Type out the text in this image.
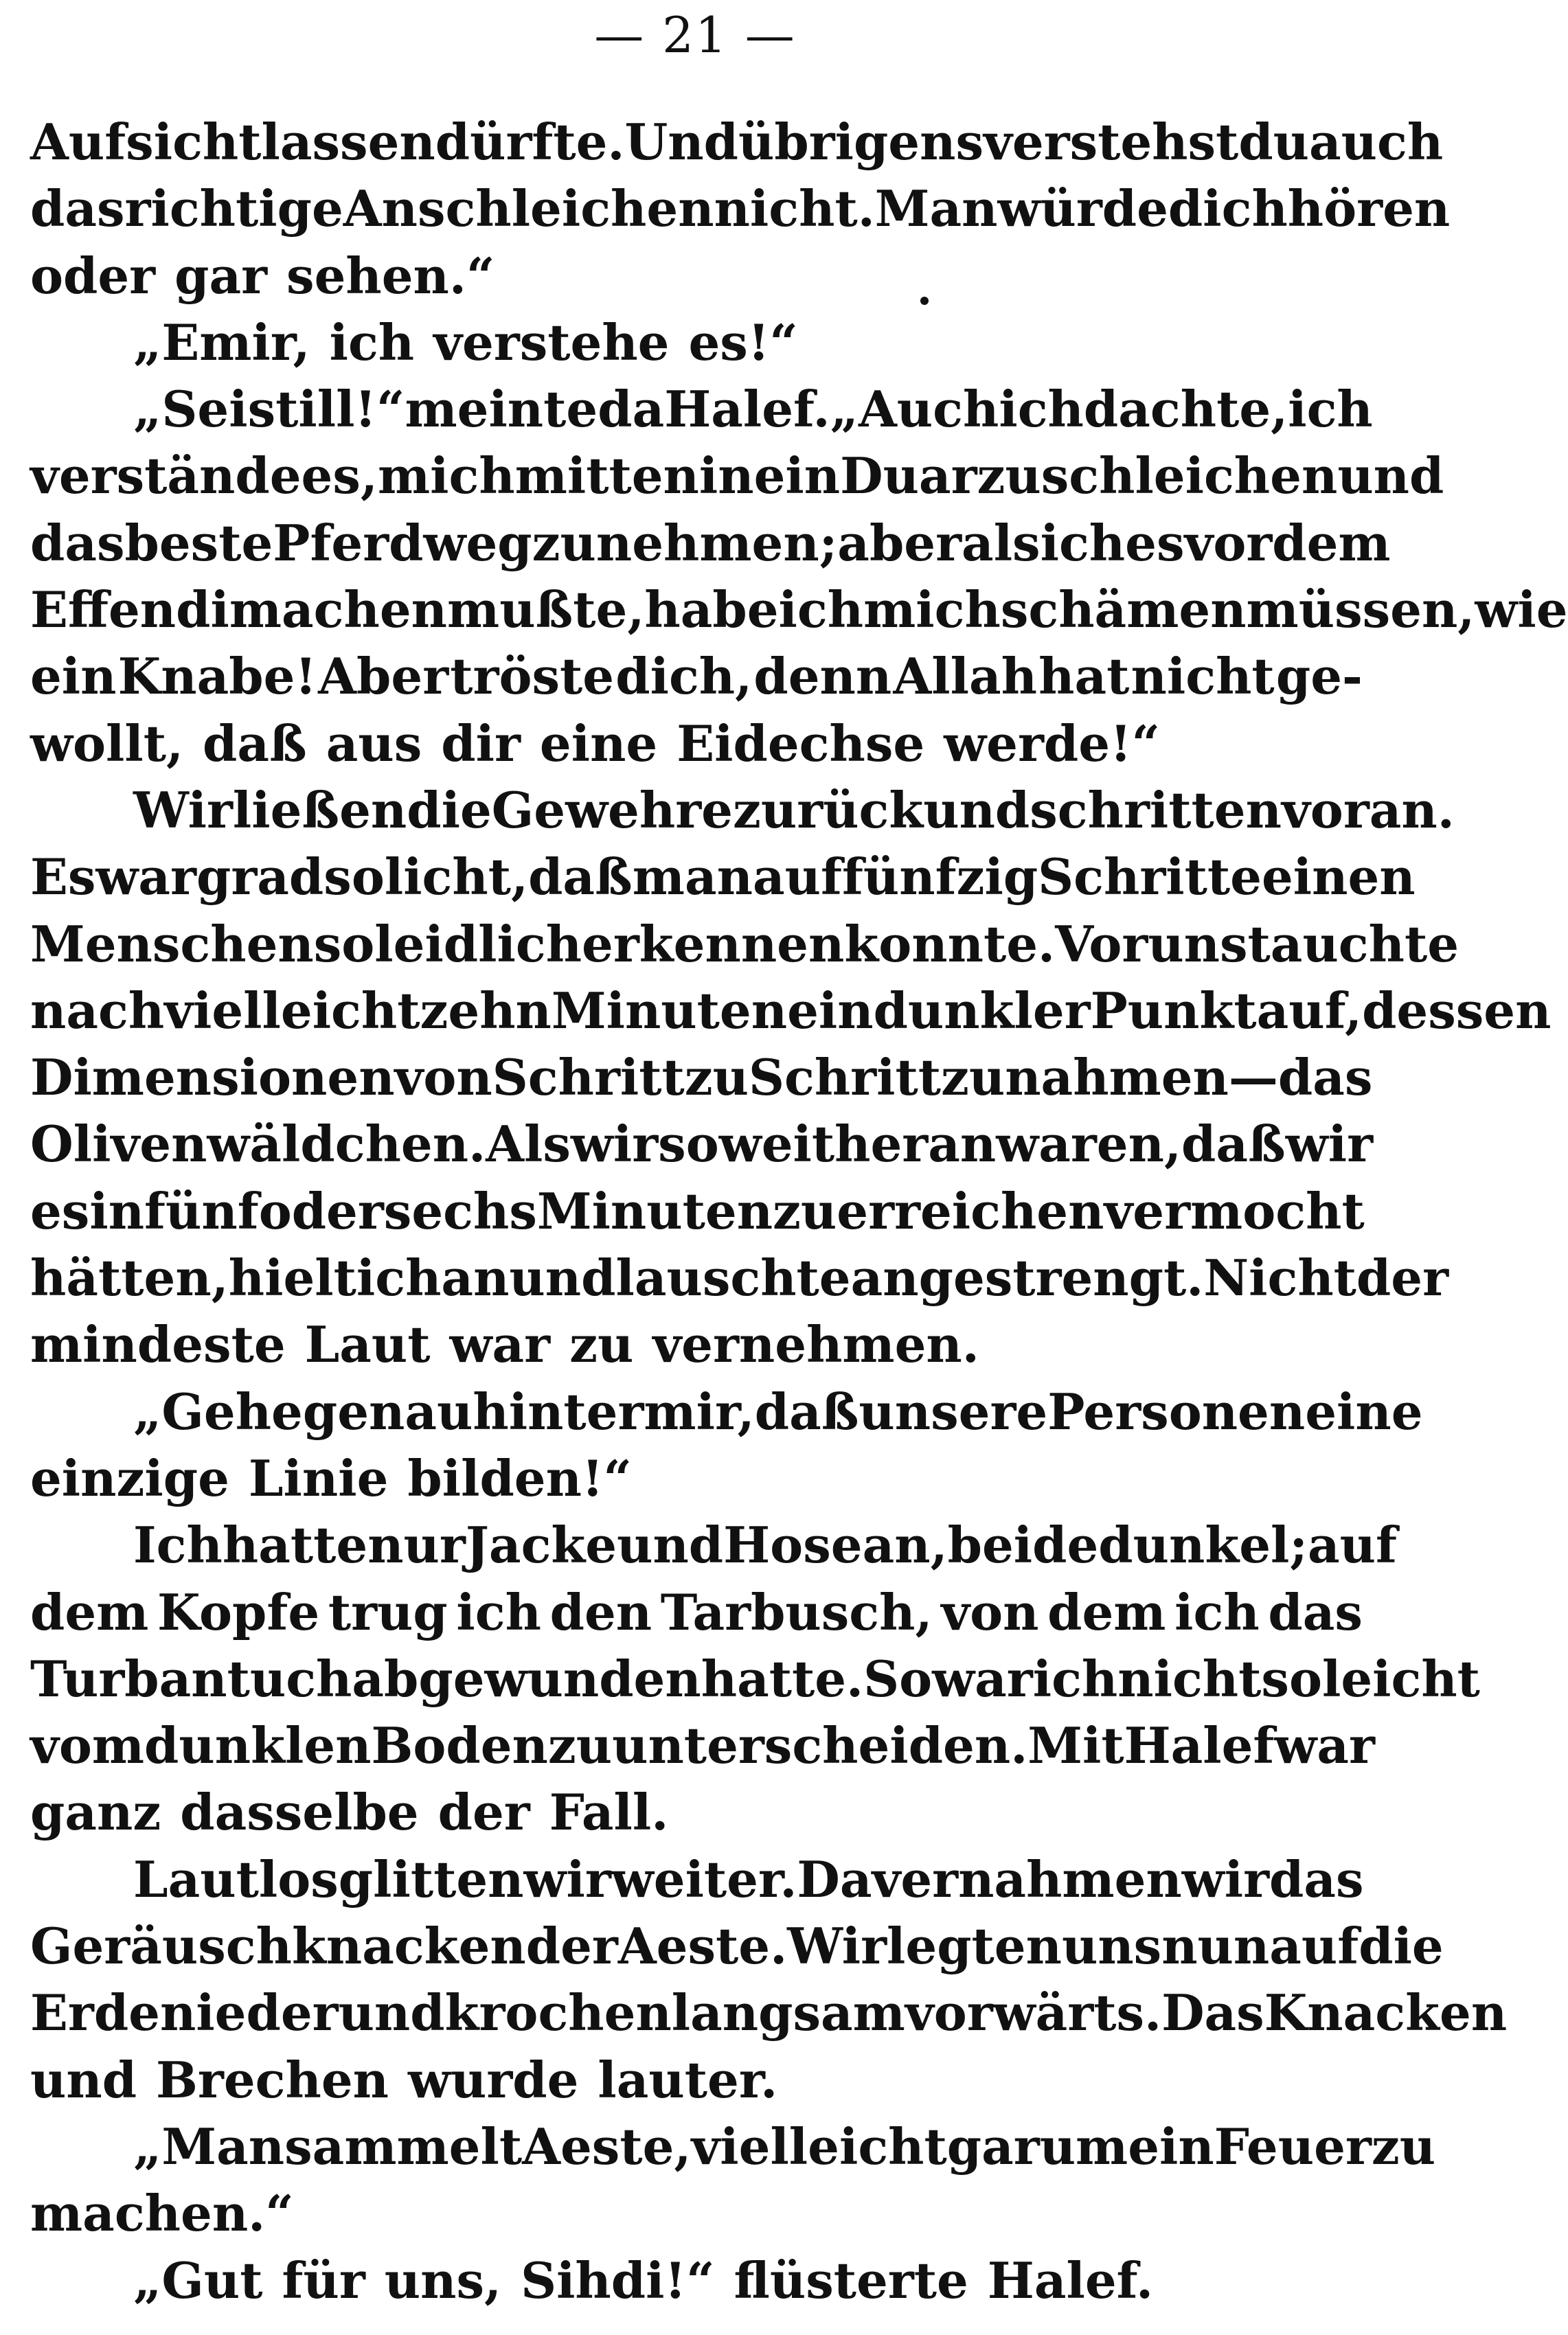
— 21 —
Aufsicht lassen dürfte. Und übrigens verstehst du auch
das richtige Anschleichen nicht. Man würde dich hören
oder gar sehen.“
„Emir, ich verstehe es!“
„Sei still!“ meinte da Halef. „Auch ich dachte, ich
verstände es, mich mitten in ein Duar zu schleichen und
das beste Pferd wegzunehmen; aber als ich es vor dem
Effendi machen mußte, habe ich mich schämen müssen, wie
ein Knabe! Aber tröste dich, denn Allah hat nicht ge-
wollt, daß aus dir eine Eidechse werde!“
Wir ließen die Gewehre zurück und schritten voran.
Es war grad so licht, daß man auf fünfzig Schritte einen
Menschen so leidlich erkennen konnte. Vor uns tauchte
nach vielleicht zehn Minuten ein dunkler Punkt auf, dessen
Dimensionen von Schritt zu Schritt zunahmen — das
Olivenwäldchen. Als wir so weit heran waren, daß wir
es in fünf oder sechs Minuten zu erreichen vermocht
hätten, hielt ich an und lauschte angestrengt. Nicht der
mindeste Laut war zu vernehmen.
„Gehe genau hinter mir, daß unsere Personen eine
einzige Linie bilden!“
Ich hatte nur Jacke und Hose an, beide dunkel; auf
dem Kopfe trug ich den Tarbusch, von dem ich das
Turbantuch abgewunden hatte. So war ich nicht so leicht
vom dunklen Boden zu unterscheiden. Mit Halef war
ganz dasselbe der Fall.
Lautlos glitten wir weiter. Da vernahmen wir das
Geräusch knackender Aeste. Wir legten uns nun auf die
Erde nieder und krochen langsam vorwärts. Das Knacken
und Brechen wurde lauter.
„Man sammelt Aeste, vielleicht gar um ein Feuer zu
machen.“
„Gut für uns, Sihdi!“ flüsterte Halef.
